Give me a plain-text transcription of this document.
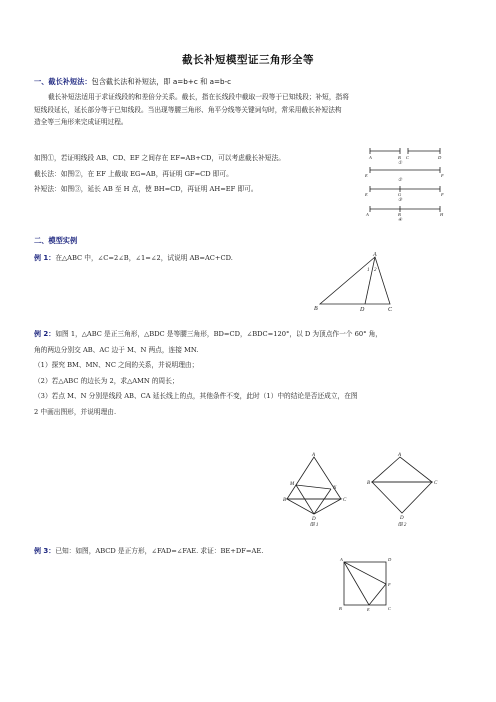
截长补短模型证三角形全等
一、截长补短法：包含截长法和补短法，即 a=b+c 和 a=b-c
截长补短法适用于求证线段的和差倍分关系。截长，指在长线段中截取一段等于已知线段；补短，指将
短线段延长，延长部分等于已知线段。当出现等腰三角形、角平分线等关键词句时，常采用截长补短法构
造全等三角形来完成证明过程。
如图①，若证明线段 AB、CD、EF 之间存在 EF=AB+CD，可以考虑截长补短法。
截长法：如图②，在 EF 上截取 EG=AB，再证明 GF=CD 即可。
补短法：如图③，延长 AB 至 H 点，使 BH=CD，再证明 AH=EF 即可。
A	B C	D
①
E	F
②
E	G	F
③
A	B	H
④
二、模型实例
例 1：在△ABC 中，∠C=2∠B，∠1=∠2，试说明 AB=AC+CD.	A
B	D	C
1 2
例 2：如图 1，△ABC 是正三角形，△BDC 是等腰三角形，BD=CD，∠BDC=120°，以 D 为顶点作一个 60° 角，
角的两边分别交 AB、AC 边于 M、N 两点，连接 MN.
（1）探究 BM、MN、NC 之间的关系，并说明理由；
（2）若△ABC 的边长为 2，求△AMN 的周长；
（3）若点 M、N 分别是线段 AB、CA 延长线上的点，其他条件不变，此时（1）中的结论是否还成立，在图
2 中画出图形，并说明理由.
A
B	C
D
M
N
图 1
A
B	C
D
图 2
例 3：已知：如图，ABCD 是正方形，∠FAD=∠FAE. 求证：BE+DF=AE.
A	D
B	E	C
F
